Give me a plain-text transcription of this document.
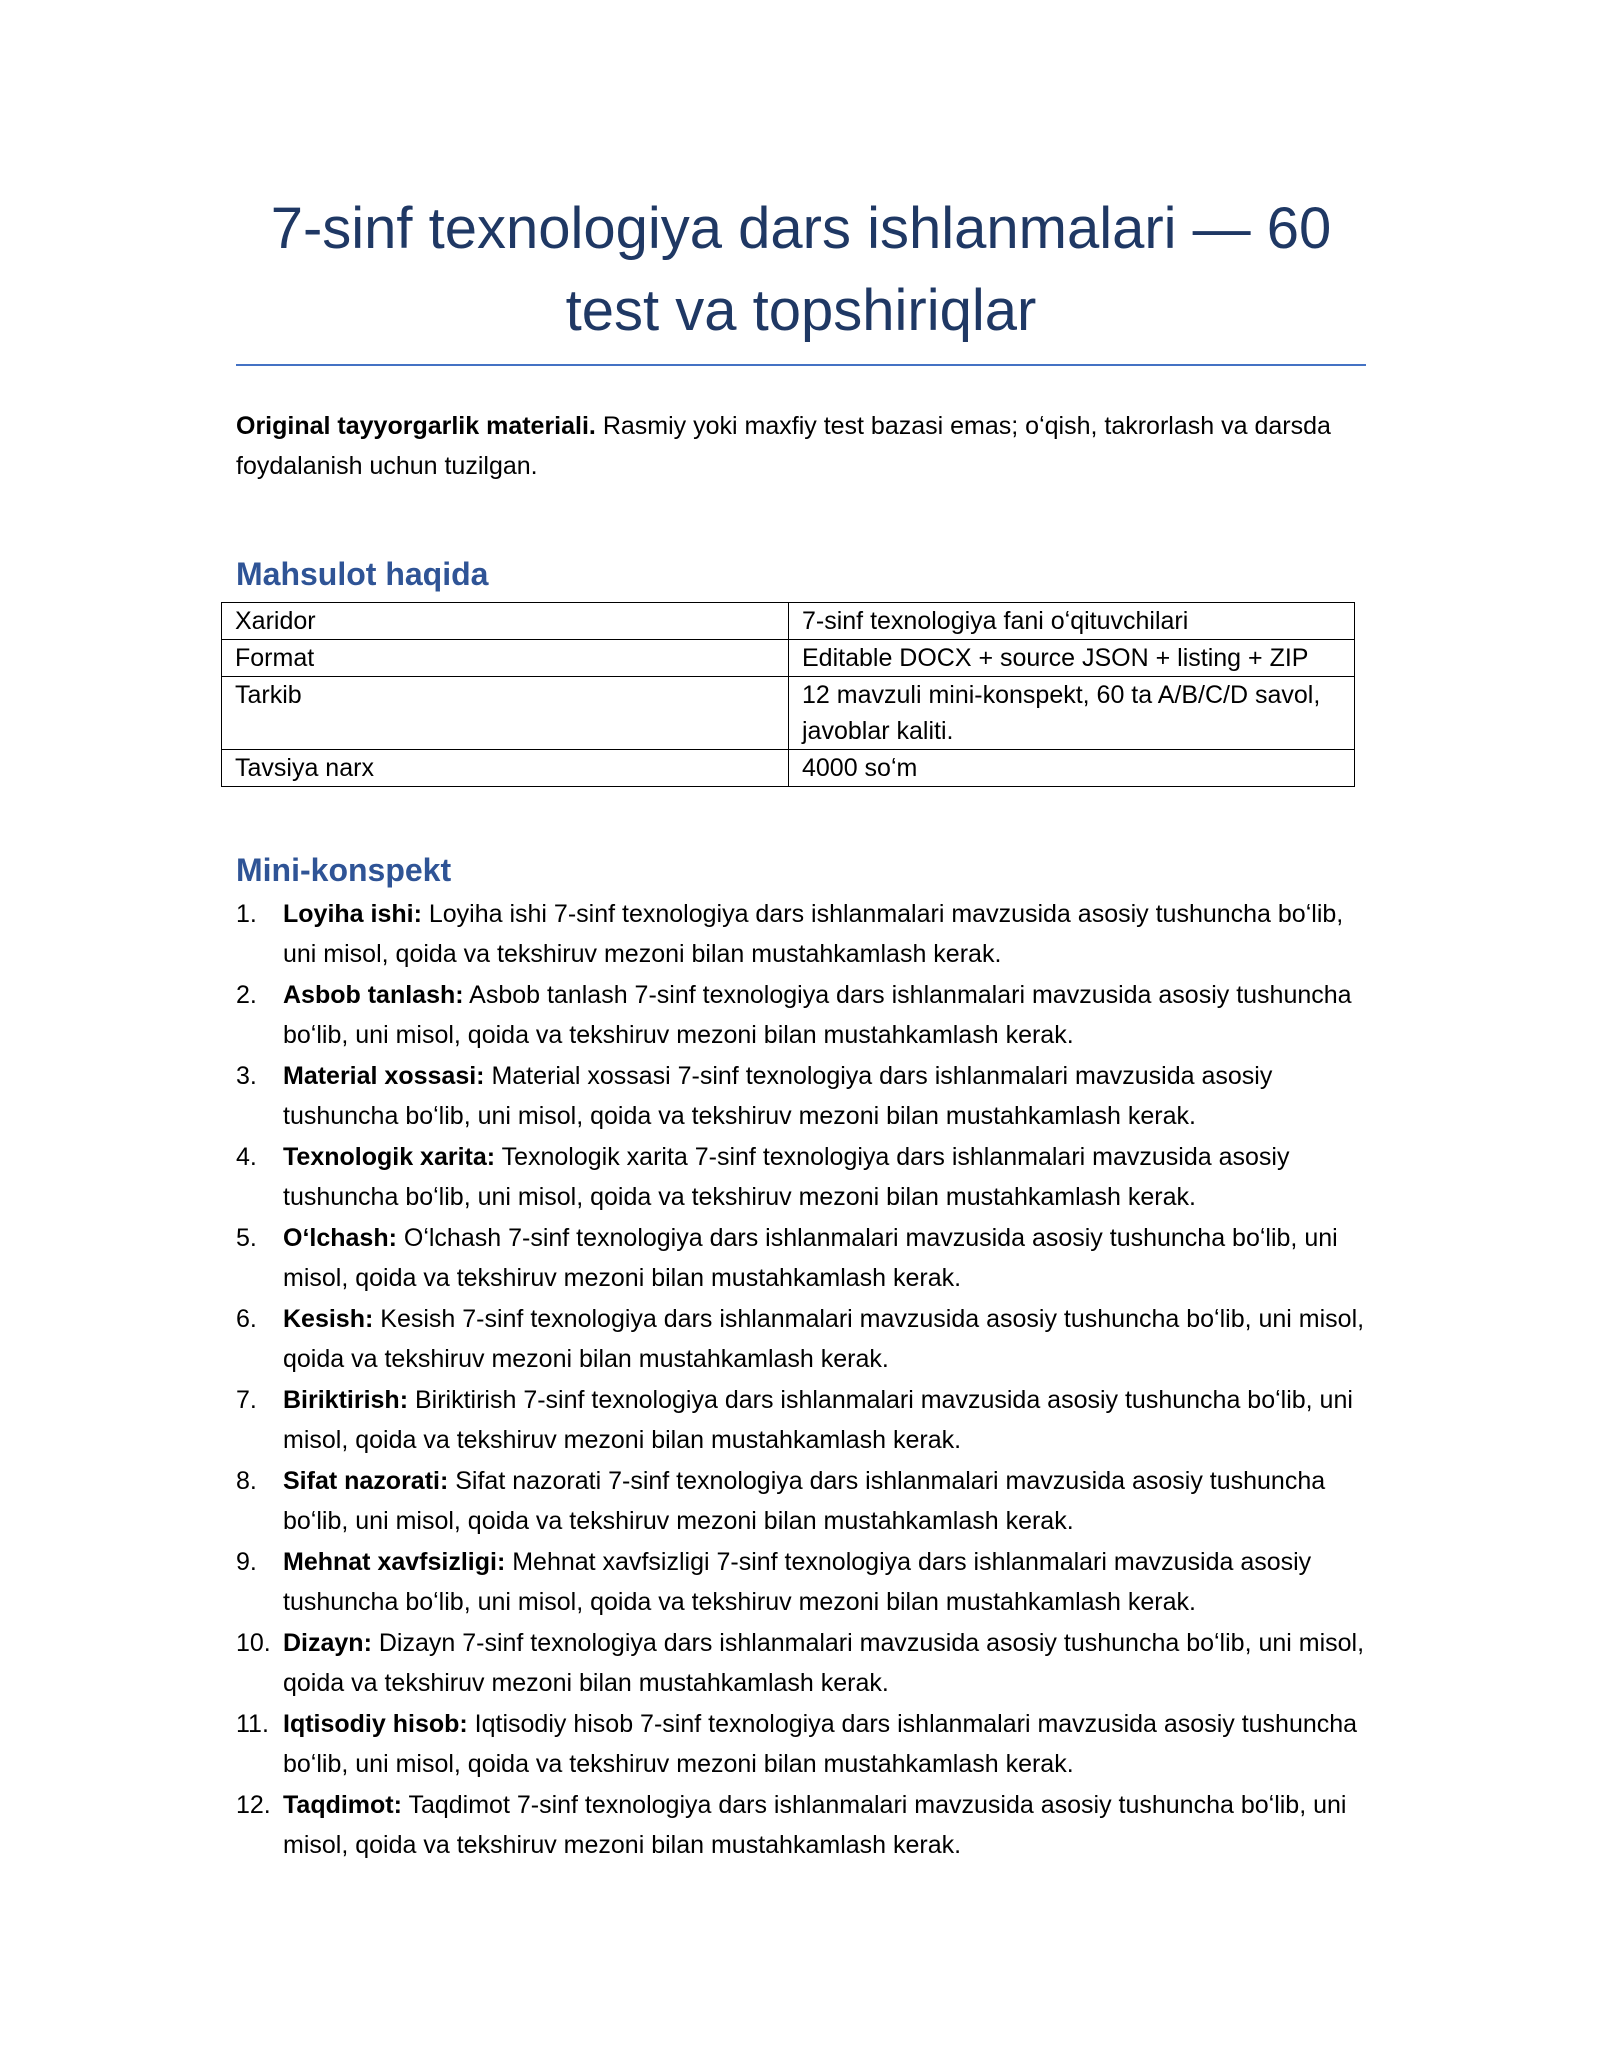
7-sinf texnologiya dars ishlanmalari — 60 test va topshiriqlar

Original tayyorgarlik materiali. Rasmiy yoki maxfiy test bazasi emas; oʻqish, takrorlash va darsda foydalanish uchun tuzilgan.

Mahsulot haqida
Xaridor	7-sinf texnologiya fani oʻqituvchilari
Format	Editable DOCX + source JSON + listing + ZIP
Tarkib	12 mavzuli mini-konspekt, 60 ta A/B/C/D savol, javoblar kaliti.
Tavsiya narx	4000 soʻm
Mini-konspekt
1. Loyiha ishi: Loyiha ishi 7-sinf texnologiya dars ishlanmalari mavzusida asosiy tushuncha boʻlib, uni misol, qoida va tekshiruv mezoni bilan mustahkamlash kerak.
2. Asbob tanlash: Asbob tanlash 7-sinf texnologiya dars ishlanmalari mavzusida asosiy tushuncha boʻlib, uni misol, qoida va tekshiruv mezoni bilan mustahkamlash kerak.
3. Material xossasi: Material xossasi 7-sinf texnologiya dars ishlanmalari mavzusida asosiy tushuncha boʻlib, uni misol, qoida va tekshiruv mezoni bilan mustahkamlash kerak.
4. Texnologik xarita: Texnologik xarita 7-sinf texnologiya dars ishlanmalari mavzusida asosiy tushuncha boʻlib, uni misol, qoida va tekshiruv mezoni bilan mustahkamlash kerak.
5. Oʻlchash: Oʻlchash 7-sinf texnologiya dars ishlanmalari mavzusida asosiy tushuncha boʻlib, uni misol, qoida va tekshiruv mezoni bilan mustahkamlash kerak.
6. Kesish: Kesish 7-sinf texnologiya dars ishlanmalari mavzusida asosiy tushuncha boʻlib, uni misol, qoida va tekshiruv mezoni bilan mustahkamlash kerak.
7. Biriktirish: Biriktirish 7-sinf texnologiya dars ishlanmalari mavzusida asosiy tushuncha boʻlib, uni misol, qoida va tekshiruv mezoni bilan mustahkamlash kerak.
8. Sifat nazorati: Sifat nazorati 7-sinf texnologiya dars ishlanmalari mavzusida asosiy tushuncha boʻlib, uni misol, qoida va tekshiruv mezoni bilan mustahkamlash kerak.
9. Mehnat xavfsizligi: Mehnat xavfsizligi 7-sinf texnologiya dars ishlanmalari mavzusida asosiy tushuncha boʻlib, uni misol, qoida va tekshiruv mezoni bilan mustahkamlash kerak.
10. Dizayn: Dizayn 7-sinf texnologiya dars ishlanmalari mavzusida asosiy tushuncha boʻlib, uni misol, qoida va tekshiruv mezoni bilan mustahkamlash kerak.
11. Iqtisodiy hisob: Iqtisodiy hisob 7-sinf texnologiya dars ishlanmalari mavzusida asosiy tushuncha boʻlib, uni misol, qoida va tekshiruv mezoni bilan mustahkamlash kerak.
12. Taqdimot: Taqdimot 7-sinf texnologiya dars ishlanmalari mavzusida asosiy tushuncha boʻlib, uni misol, qoida va tekshiruv mezoni bilan mustahkamlash kerak.
